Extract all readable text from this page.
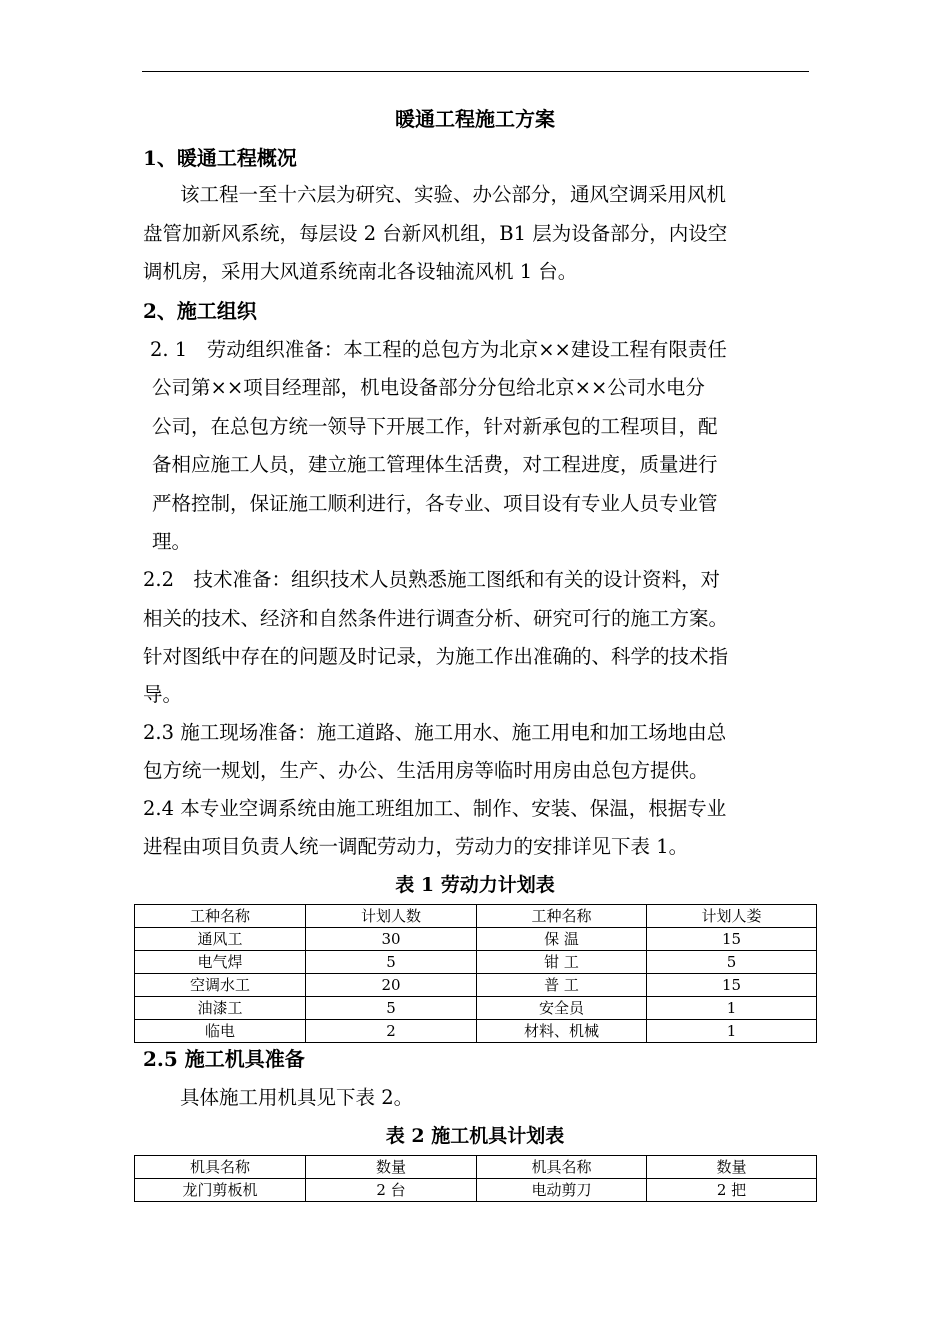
暖通工程施工方案
1、暖通工程概况
该工程一至十六层为研究、实验、办公部分，通风空调采用风机
盘管加新风系统，每层设 2 台新风机组，B1 层为设备部分，内设空
调机房，采用大风道系统南北各设轴流风机 1 台。
2、施工组织
2. 1　劳动组织准备：本工程的总包方为北京××建设工程有限责任
公司第××项目经理部，机电设备部分分包给北京××公司水电分
公司，在总包方统一领导下开展工作，针对新承包的工程项目，配
备相应施工人员，建立施工管理体生活费，对工程进度，质量进行
严格控制，保证施工顺利进行，各专业、项目设有专业人员专业管
理。
2.2　技术准备：组织技术人员熟悉施工图纸和有关的设计资料，对
相关的技术、经济和自然条件进行调查分析、研究可行的施工方案。
针对图纸中存在的问题及时记录，为施工作出准确的、科学的技术指
导。
2.3 施工现场准备：施工道路、施工用水、施工用电和加工场地由总
包方统一规划，生产、办公、生活用房等临时用房由总包方提供。
2.4 本专业空调系统由施工班组加工、制作、安装、保温，根据专业
进程由项目负责人统一调配劳动力，劳动力的安排详见下表 1。
表 1 劳动力计划表
工种名称	计划人数	工种名称	计划人娄
通风工	30	保 温	15
电气焊	5	钳 工	5
空调水工	20	普 工	15
油漆工	5	安全员	1
临电	2	材料、机械	1
2.5 施工机具准备
具体施工用机具见下表 2。
表 2 施工机具计划表
机具名称	数量	机具名称	数量
龙门剪板机	2 台	电动剪刀	2 把
